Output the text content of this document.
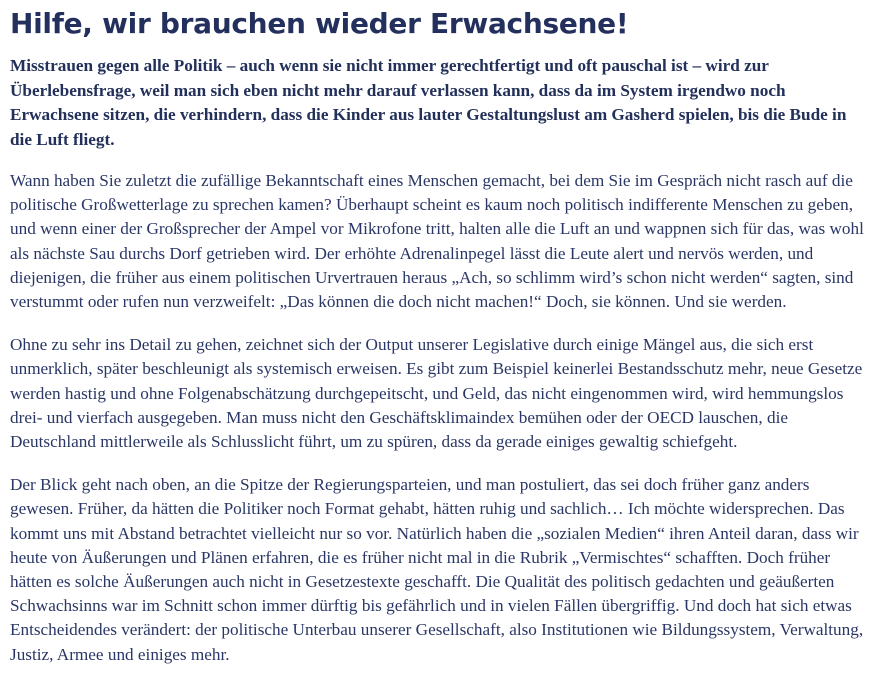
Hilfe, wir brauchen wieder Erwachsene!

Misstrauen gegen alle Politik – auch wenn sie nicht immer gerechtfertigt und oft pauschal ist – wird zur Überlebensfrage, weil man sich eben nicht mehr darauf verlassen kann, dass da im System irgendwo noch Erwachsene sitzen, die verhindern, dass die Kinder aus lauter Gestaltungslust am Gasherd spielen, bis die Bude in die Luft fliegt.

Wann haben Sie zuletzt die zufällige Bekanntschaft eines Menschen gemacht, bei dem Sie im Gespräch nicht rasch auf die politische Großwetterlage zu sprechen kamen? Überhaupt scheint es kaum noch politisch indifferente Menschen zu geben, und wenn einer der Großsprecher der Ampel vor Mikrofone tritt, halten alle die Luft an und wappnen sich für das, was wohl als nächste Sau durchs Dorf getrieben wird. Der erhöhte Adrenalinpegel lässt die Leute alert und nervös werden, und diejenigen, die früher aus einem politischen Urvertrauen heraus „Ach, so schlimm wird’s schon nicht werden“ sagten, sind verstummt oder rufen nun verzweifelt: „Das können die doch nicht machen!“ Doch, sie können. Und sie werden.

Ohne zu sehr ins Detail zu gehen, zeichnet sich der Output unserer Legislative durch einige Mängel aus, die sich erst unmerklich, später beschleunigt als systemisch erweisen. Es gibt zum Beispiel keinerlei Bestandsschutz mehr, neue Gesetze werden hastig und ohne Folgenabschätzung durchgepeitscht, und Geld, das nicht eingenommen wird, wird hemmungslos drei- und vierfach ausgegeben. Man muss nicht den Geschäftsklimaindex bemühen oder der OECD lauschen, die Deutschland mittlerweile als Schlusslicht führt, um zu spüren, dass da gerade einiges gewaltig schiefgeht.

Der Blick geht nach oben, an die Spitze der Regierungsparteien, und man postuliert, das sei doch früher ganz anders gewesen. Früher, da hätten die Politiker noch Format gehabt, hätten ruhig und sachlich… Ich möchte widersprechen. Das kommt uns mit Abstand betrachtet vielleicht nur so vor. Natürlich haben die „sozialen Medien“ ihren Anteil daran, dass wir heute von Äußerungen und Plänen erfahren, die es früher nicht mal in die Rubrik „Vermischtes“ schafften. Doch früher hätten es solche Äußerungen auch nicht in Gesetzestexte geschafft. Die Qualität des politisch gedachten und geäußerten Schwachsinns war im Schnitt schon immer dürftig bis gefährlich und in vielen Fällen übergriffig. Und doch hat sich etwas Entscheidendes verändert: der politische Unterbau unserer Gesellschaft, also Institutionen wie Bildungssystem, Verwaltung, Justiz, Armee und einiges mehr.
